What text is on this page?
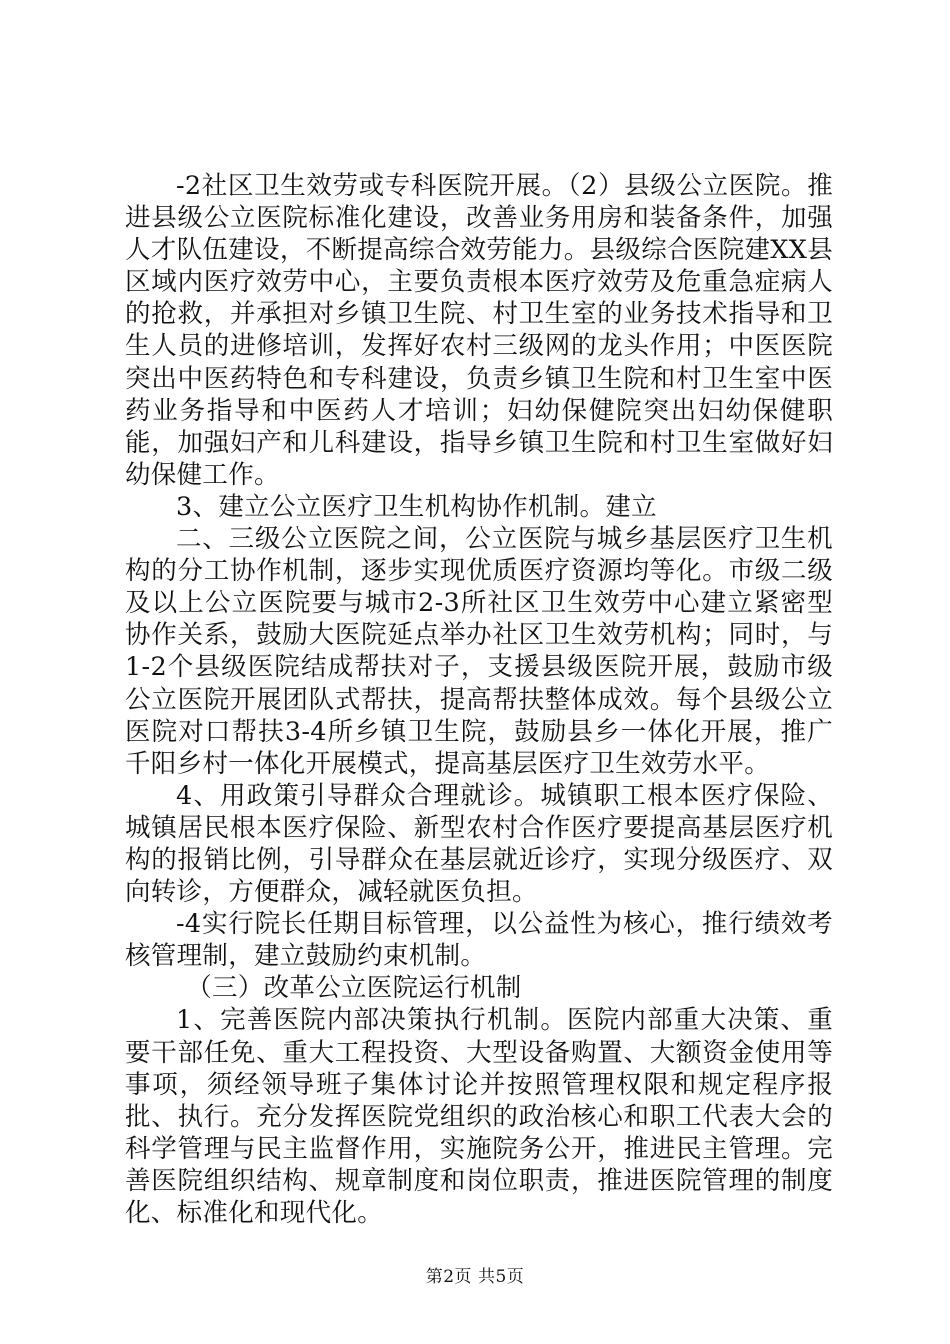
-2社区卫生效劳或专科医院开展。（2）县级公立医院。推进县级公立医院标准化建设，改善业务用房和装备条件，加强人才队伍建设，不断提高综合效劳能力。县级综合医院建XX县区域内医疗效劳中心，主要负责根本医疗效劳及危重急症病人的抢救，并承担对乡镇卫生院、村卫生室的业务技术指导和卫生人员的进修培训，发挥好农村三级网的龙头作用；中医医院突出中医药特色和专科建设，负责乡镇卫生院和村卫生室中医药业务指导和中医药人才培训；妇幼保健院突出妇幼保健职能，加强妇产和儿科建设，指导乡镇卫生院和村卫生室做好妇幼保健工作。

3、建立公立医疗卫生机构协作机制。建立

二、三级公立医院之间，公立医院与城乡基层医疗卫生机构的分工协作机制，逐步实现优质医疗资源均等化。市级二级及以上公立医院要与城市2-3所社区卫生效劳中心建立紧密型协作关系，鼓励大医院延点举办社区卫生效劳机构；同时，与1-2个县级医院结成帮扶对子，支援县级医院开展，鼓励市级公立医院开展团队式帮扶，提高帮扶整体成效。每个县级公立医院对口帮扶3-4所乡镇卫生院，鼓励县乡一体化开展，推广千阳乡村一体化开展模式，提高基层医疗卫生效劳水平。

4、用政策引导群众合理就诊。城镇职工根本医疗保险、城镇居民根本医疗保险、新型农村合作医疗要提高基层医疗机构的报销比例，引导群众在基层就近诊疗，实现分级医疗、双向转诊，方便群众，减轻就医负担。

-4实行院长任期目标管理，以公益性为核心，推行绩效考核管理制，建立鼓励约束机制。

（三）改革公立医院运行机制

1、完善医院内部决策执行机制。医院内部重大决策、重要干部任免、重大工程投资、大型设备购置、大额资金使用等事项，须经领导班子集体讨论并按照管理权限和规定程序报批、执行。充分发挥医院党组织的政治核心和职工代表大会的科学管理与民主监督作用，实施院务公开，推进民主管理。完善医院组织结构、规章制度和岗位职责，推进医院管理的制度化、标准化和现代化。

第2页 共5页
